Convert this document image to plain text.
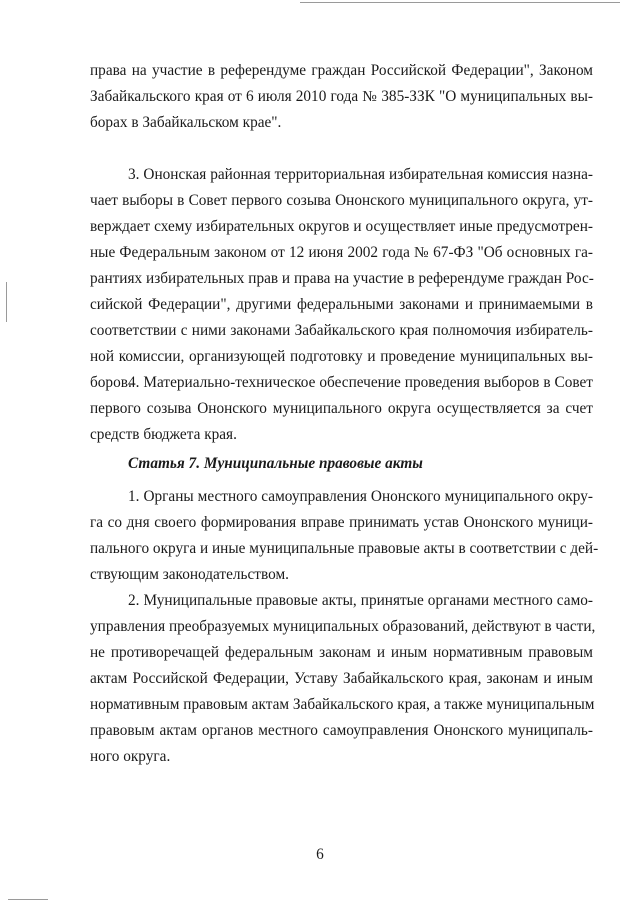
права на участие в референдуме граждан Российской Федерации", Законом
Забайкальского края от 6 июля 2010 года № 385-ЗЗК "О муниципальных вы-
борах в Забайкальском крае".
3. Ононская районная территориальная избирательная комиссия назна-
чает выборы в Совет первого созыва Ононского муниципального округа, ут-
верждает схему избирательных округов и осуществляет иные предусмотрен-
ные Федеральным законом от 12 июня 2002 года № 67-ФЗ "Об основных га-
рантиях избирательных прав и права на участие в референдуме граждан Рос-
сийской Федерации", другими федеральными законами и принимаемыми в
соответствии с ними законами Забайкальского края полномочия избиратель-
ной комиссии, организующей подготовку и проведение муниципальных вы-
боров.
4. Материально-техническое обеспечение проведения выборов в Совет
первого созыва Ононского муниципального округа осуществляется за счет
средств бюджета края.
Статья 7. Муниципальные правовые акты
1. Органы местного самоуправления Ононского муниципального окру-
га со дня своего формирования вправе принимать устав Ононского муници-
пального округа и иные муниципальные правовые акты в соответствии с дей-
ствующим законодательством.
2. Муниципальные правовые акты, принятые органами местного само-
управления преобразуемых муниципальных образований, действуют в части,
не противоречащей федеральным законам и иным нормативным правовым
актам Российской Федерации, Уставу Забайкальского края, законам и иным
нормативным правовым актам Забайкальского края, а также муниципальным
правовым актам органов местного самоуправления Ононского муниципаль-
ного округа.
6
